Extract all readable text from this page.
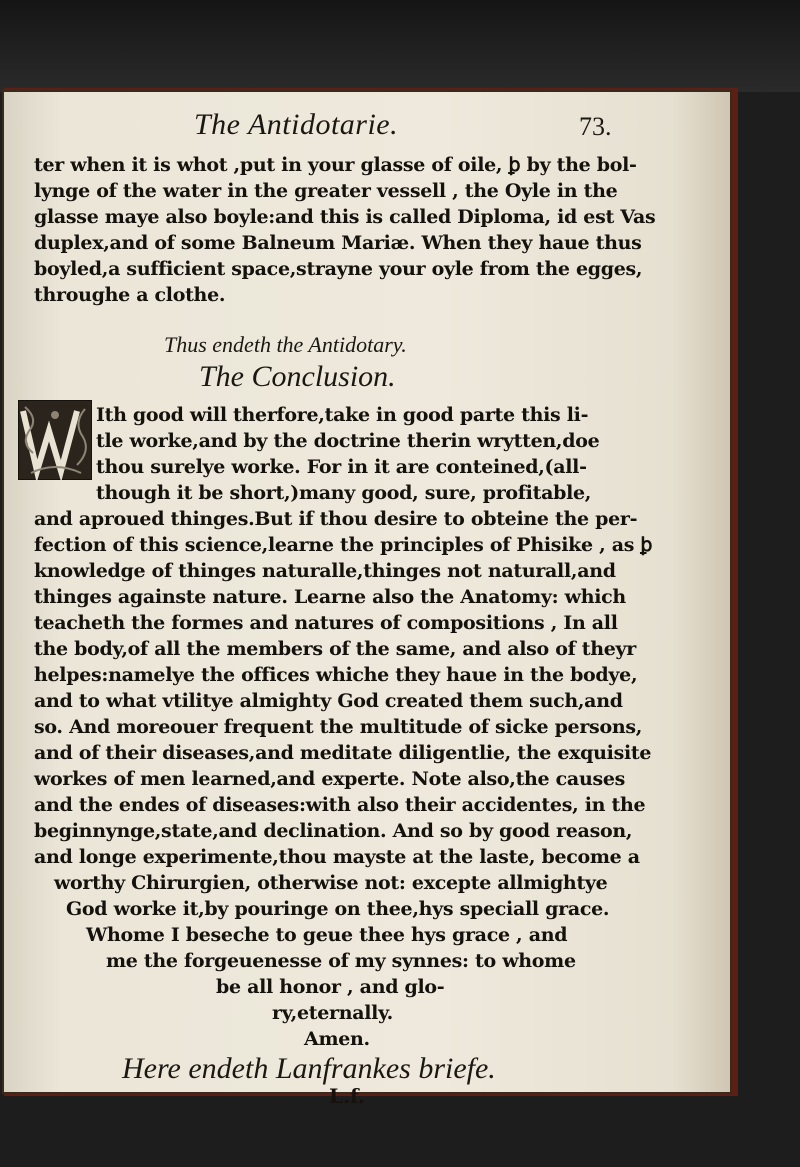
The Antidotarie.	73.
ter when it is whot ,put in your glasse of oile, ꝧ by the bol-
lynge of the water in the greater vessell , the Oyle in the
glasse maye also boyle:and this is called Diploma, id est Vas
duplex,and of some Balneum Mariæ. When they haue thus
boyled,a sufficient space,strayne your oyle from the egges,
throughe a clothe.
Thus endeth the Antidotary.
The Conclusion.
Ith good will therfore,take in good parte this li-
tle worke,and by the doctrine therin wrytten,doe
thou surelye worke. For in it are conteined,(all-
though it be short,)many good, sure, profitable,
and aproued thinges.But if thou desire to obteine the per-
fection of this science,learne the principles of Phisike , as ꝧ
knowledge of thinges naturalle,thinges not naturall,and
thinges againste nature. Learne also the Anatomy: which
teacheth the formes and natures of compositions , In all
the body,of all the members of the same, and also of theyr
helpes:namelye the offices whiche they haue in the bodye,
and to what vtilitye almighty God created them such,and
so. And moreouer frequent the multitude of sicke persons,
and of their diseases,and meditate diligentlie, the exquisite
workes of men learned,and experte. Note also,the causes
and the endes of diseases:with also their accidentes, in the
beginnynge,state,and declination. And so by good reason,
and longe experimente,thou mayste at the laste, become a
worthy Chirurgien, otherwise not: excepte allmightye
God worke it,by pouringe on thee,hys speciall grace.
Whome I beseche to geue thee hys grace , and
me the forgeuenesse of my synnes: to whome
be all honor , and glo-
ry,eternally.
Amen.
Here endeth Lanfrankes briefe.
L.f.
